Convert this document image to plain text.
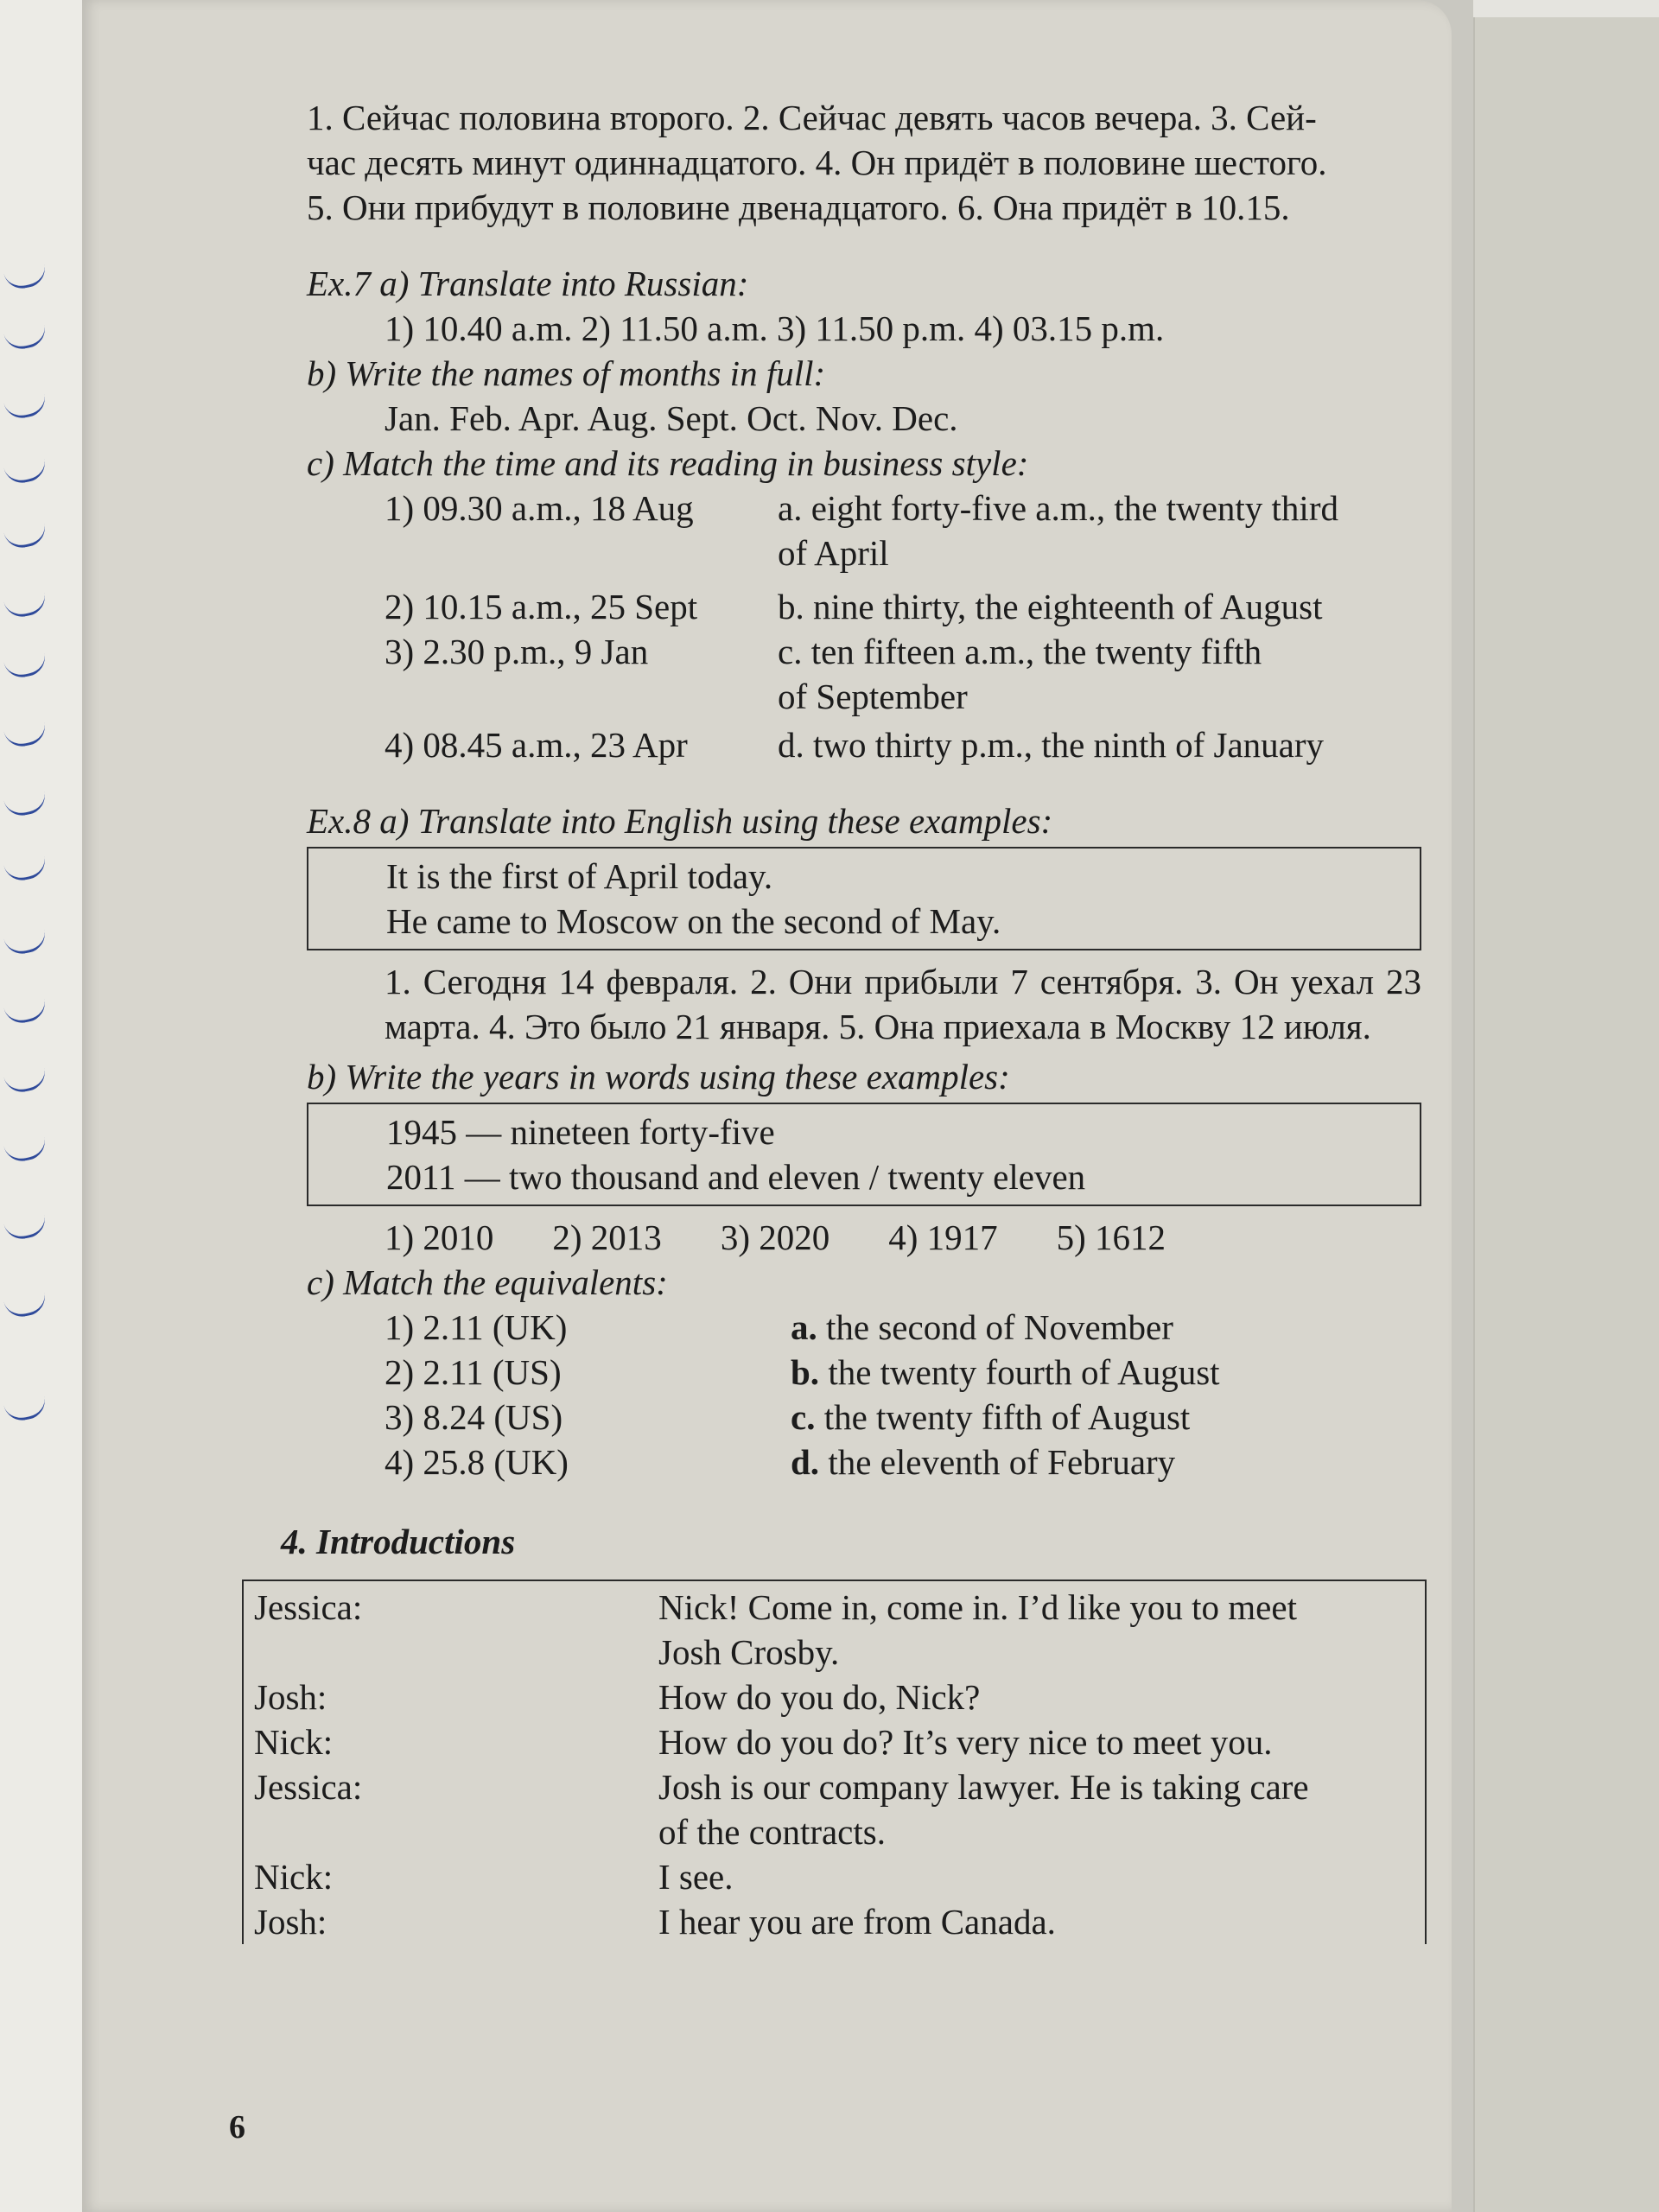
1. Сейчас половина второго. 2. Сейчас девять часов вечера. 3. Сей-

час десять минут одиннадцатого. 4. Он придёт в половине шестого.

5. Они прибудут в половине двенадцатого. 6. Она придёт в 10.15.

Ex.7 a) Translate into Russian:

1) 10.40 a.m. 2) 11.50 a.m. 3) 11.50 p.m. 4) 03.15 p.m.

b) Write the names of months in full:

Jan. Feb. Apr. Aug. Sept. Oct. Nov. Dec.

c) Match the time and its reading in business style:

1) 09.30 a.m., 18 Aug	a. eight forty-five a.m., the twenty third

of April

2) 10.15 a.m., 25 Sept	b. nine thirty, the eighteenth of August

3) 2.30 p.m., 9 Jan	c. ten fifteen a.m., the twenty fifth

of September

4) 08.45 a.m., 23 Apr	d. two thirty p.m., the ninth of January

Ex.8 a) Translate into English using these examples:

It is the first of April today.

He came to Moscow on the second of May.

1. Сегодня 14 февраля. 2. Они прибыли 7 сентября. 3. Он уехал 23 марта. 4. Это было 21 января. 5. Она приехала в Москву 12 июля.

b) Write the years in words using these examples:

1945 — nineteen forty-five

2011 — two thousand and eleven / twenty eleven

1) 2010 2) 2013 3) 2020 4) 1917 5) 1612

c) Match the equivalents:

1) 2.11 (UK)	a. the second of November
2) 2.11 (US)	b. the twenty fourth of August
3) 8.24 (US)	c. the twenty fifth of August
4) 25.8 (UK)	d. the eleventh of February

4. Introductions

Jessica:	Nick! Come in, come in. I’d like you to meet

Josh Crosby.

Josh:	How do you do, Nick?

Nick:	How do you do? It’s very nice to meet you.

Jessica:	Josh is our company lawyer. He is taking care

of the contracts.

Nick:	I see.

Josh:	I hear you are from Canada.

6
